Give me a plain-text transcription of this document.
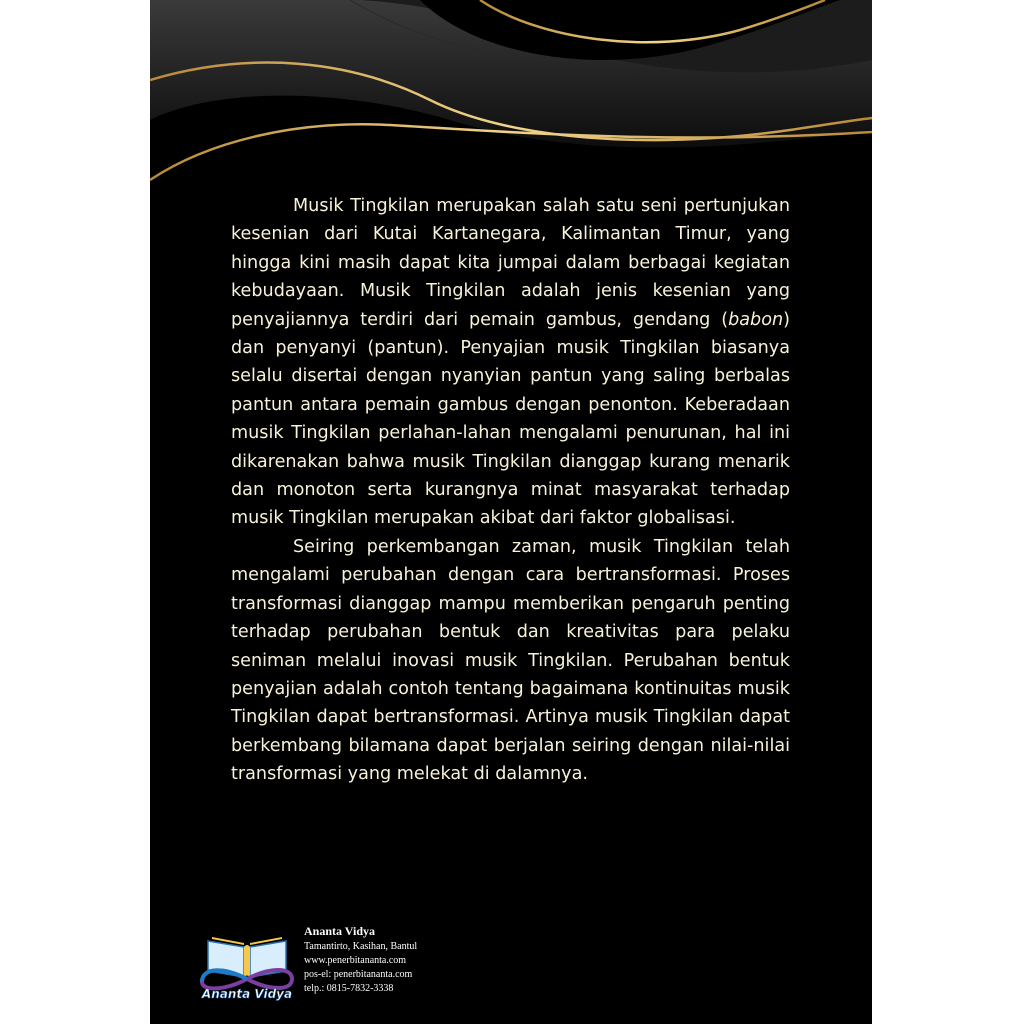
Musik Tingkilan merupakan salah satu seni pertunjukan kesenian dari Kutai Kartanegara, Kalimantan Timur, yang hingga kini masih dapat kita jumpai dalam berbagai kegiatan kebudayaan. Musik Tingkilan adalah jenis kesenian yang penyajiannya terdiri dari pemain gambus, gendang (babon) dan penyanyi (pantun). Penyajian musik Tingkilan biasanya selalu disertai dengan nyanyian pantun yang saling berbalas pantun antara pemain gambus dengan penonton. Keberadaan musik Tingkilan perlahan-lahan mengalami penurunan, hal ini dikarenakan bahwa musik Tingkilan dianggap kurang menarik dan monoton serta kurangnya minat masyarakat terhadap musik Tingkilan merupakan akibat dari faktor globalisasi.

Seiring perkembangan zaman, musik Tingkilan telah mengalami perubahan dengan cara bertransformasi. Proses transformasi dianggap mampu memberikan pengaruh penting terhadap perubahan bentuk dan kreativitas para pelaku seniman melalui inovasi musik Tingkilan. Perubahan bentuk penyajian adalah contoh tentang bagaimana kontinuitas musik Tingkilan dapat bertransformasi. Artinya musik Tingkilan dapat berkembang bilamana dapat berjalan seiring dengan nilai-nilai transformasi yang melekat di dalamnya.

Ananta Vidya
Ananta Vidya
Tamantirto, Kasihan, Bantul
www.penerbitananta.com
pos-el: penerbitananta.com
telp.: 0815-7832-3338
